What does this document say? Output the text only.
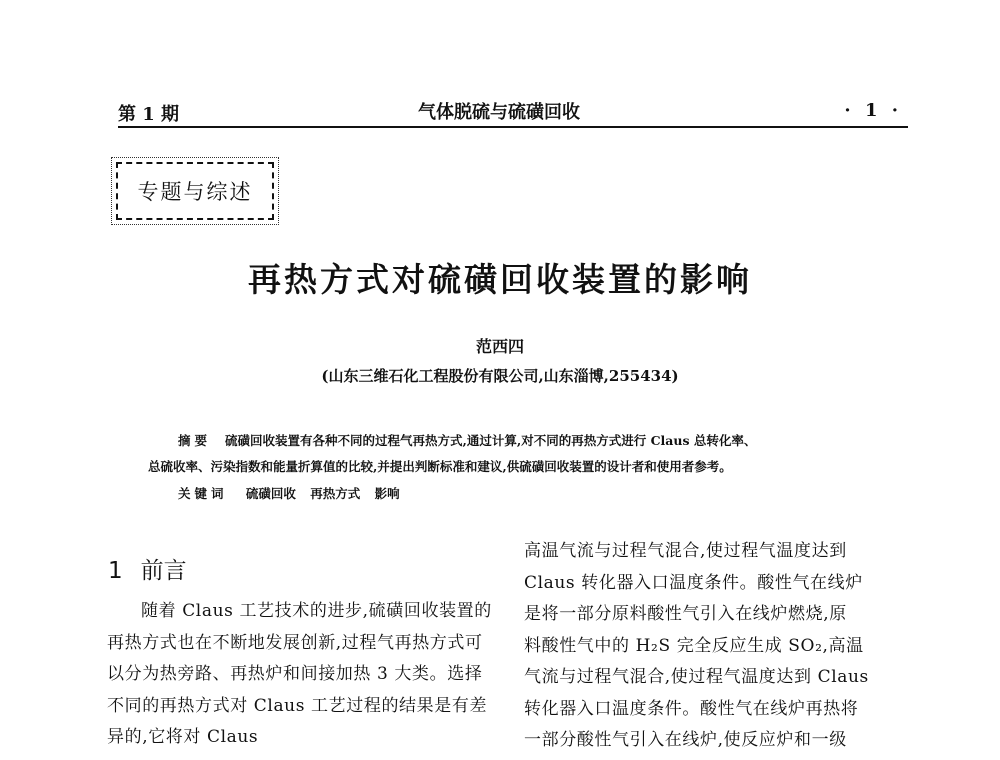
第 1 期	气体脱硫与硫磺回收	· 1 ·
专题与综述
再热方式对硫磺回收装置的影响
范西四
(山东三维石化工程股份有限公司,山东淄博,255434)
摘要 硫磺回收装置有各种不同的过程气再热方式,通过计算,对不同的再热方式进行 Claus 总转化率、
总硫收率、污染指数和能量折算值的比较,并提出判断标准和建议,供硫磺回收装置的设计者和使用者参考。
关键词 硫磺回收 再热方式 影响
1 前言

随着 Claus 工艺技术的进步,硫磺回收装置的再热方式也在不断地发展创新,过程气再热方式可以分为热旁路、再热炉和间接加热 3 大类。选择不同的再热方式对 Claus 工艺过程的结果是有差异的,它将对 Claus

高温气流与过程气混合,使过程气温度达到

Claus 转化器入口温度条件。酸性气在线炉

是将一部分原料酸性气引入在线炉燃烧,原

料酸性气中的 H₂S 完全反应生成 SO₂,高温

气流与过程气混合,使过程气温度达到 Claus

转化器入口温度条件。酸性气在线炉再热将

一部分酸性气引入在线炉,使反应炉和一级
